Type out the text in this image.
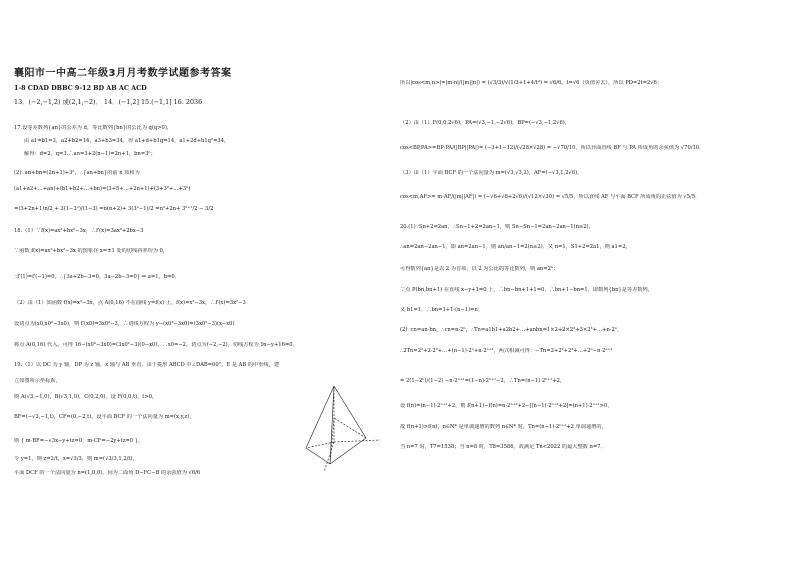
襄阳市一中高二年级3月月考数学试题参考答案
1-8 CDAD DBBC 9-12 BD AB AC ACD
13．(−2,−1,2) 或(2,1,−2)． 14．(−1,2] 15.(−1,1] 16. 2036
17.设等差数列{an}的公差为 d，等比数列{bn}的公比为 q(q>0)，
由 a1=b1=3，a2+b2=14，a3+b3=34，得 a1+d+b1q=14，a1+2d+b1q²=34，
解得：d=2，q=3.∴an=3+2(n−1)=2n+1，bn=3ⁿ；
(2)∵an+bn=(2n+1)+3ⁿ，∴{an+bn}的前 n 项和为
(a1+a2+…+an)+(b1+b2+…+bn)=(3+5+…+2n+1)+(3+3²+…+3ⁿ)
=(3+2n+1)n/2 + 3(1−3ⁿ)/(1−3) =n(n+2)+ 3(3ⁿ−1)/2 =n²+2n+ 3ⁿ⁺¹/2 − 3/2
18.（1）∵f(x)=ax³+bx²−3x，∴f′(x)=3ax²+2bx−3
∵函数 f(x)=ax³+bx²−3x 的图象在 x=±1 处的切线斜率均为 0，
∴f′(1)=f′(−1)=0，∴{3a+2b−3=0，3a−2b−3=0} ⇒ a=1，b=0．
（2）由（1）知函数 f(x)=x³−3x，点 A(0,16) 不在曲线 y=f(x) 上，f(x)=x³−3x，∴f′(x)=3x²−3
设切点为(x0,x0³−3x0)，则 f′(x0)=3x0²−3，∴切线方程为 y−(x0³−3x0)=(3x0²−3)(x−x0)
将点 A(0,16) 代入，可得 16−(x0³−3x0)=(3x0²−3)(0−x0)，∴x0=−2，切点为(−2,−2)，切线方程为 9x−y+16=0．
19.（1）以 DC 为 y 轴，DP 为 z 轴，x 轴与 AB 垂直，由于菱形 ABCD 中∠DAB=60°，E 是 AB 的中垂线，建
立如图所示坐标系，
则 A(√3,−1,0)，B(√3,1,0)，C(0,2,0)，设 F(0,0,t)，t>0，
BF=(−√3,−1,t)，CF=(0,−2,t)，设平面 BCF 的一个法向量为 m=(x,y,z)，
则 { m·BF=−√3x−y+tz=0，m·CF=−2y+tz=0 }，
令 y=1，则 z=2/t，x=√3/3，则 m=(√3/3,1,2/t)，
平面 DCF 的一个法向量为 n=(1,0,0)，因为二面角 D−FC−B 的余弦值为 √6/6
所以|cos<m,n>|=|m·n|/(|m||n|) = (√3/3)/√(1/3+1+4/t²) = √6/6，t=√6（负值舍去），所以 PD=2t=2√6；
（2）由（1）F(0,0,2√6)，PA=(√3,−1,−2√6)，BP=(−√3,−1,2√6)，
cos<BP,PA>=BP·PA/(|BP||PA|)= (−3+1−12)/(√28×√28) = −√70/10，所以异面直线 BF 与 PA 所成角的余弦值为 √70/10．
（3）由（1）平面 BCF 的一个法向量为 m=(√3,√3,2)，AF=(−√3,1,2√6)，
cos<m,AF>= m·AF/(|m||AF|) = (−√6+√6+2√6)/(√12×√30) = √5/5，所以直线 AF 与平面 BCF 所成角的正弦值为 √5/5．
20.(1)∵Sn+2=2an，∴Sn−1+2=2an−1，则 Sn−Sn−1=2an−2an−1(n≥2)，
∴an=2an−2an−1，即 an=2an−1，则 an/an−1=2(n≥2)．又 n=1，S1+2=2a1，则 a1=2，
可得数列{an}是以 2 为首项，以 2 为公比的等比数列，则 an=2ⁿ；
∵点 P(bn,bn+1) 在直线 x−y+1=0 上，∴bn−bn+1+1=0，∴bn+1−bn=1，即数列{bn}是等差数列，
又 b1=1，∴bn=1+1·(n−1)=n；
(2)∵cn=an·bn，∴cn=n·2ⁿ，∴Tn=a1b1+a2b2+…+anbn=1×2+2×2²+3×2³+…+n·2ⁿ，
∴2Tn=2²+2·2³+…+(n−1)·2ⁿ+n·2ⁿ⁺¹，两式相减可得：−Tn=2+2²+2³+…+2ⁿ−n·2ⁿ⁺¹
= 2(1−2ⁿ)/(1−2) −n·2ⁿ⁺¹=(1−n)·2ⁿ⁺¹−2，∴Tn=(n−1)·2ⁿ⁺¹+2，
设 f(n)=(n−1)·2ⁿ⁺¹+2，则 f(n+1)−f(n)=n·2ⁿ⁺²+2−[(n−1)·2ⁿ⁺¹+2]=(n+1)·2ⁿ⁺¹>0，
故 f(n+1)>f(n)，n∈N* 是单调递增的数列 n∈N* 时，Tn=(n−1)·2ⁿ⁺¹+2 单调递增的，
当 n=7 时，T7=1538；当 n=8 时，T8=3586，故满足 Tn<2022 的最大整数 n=7．
